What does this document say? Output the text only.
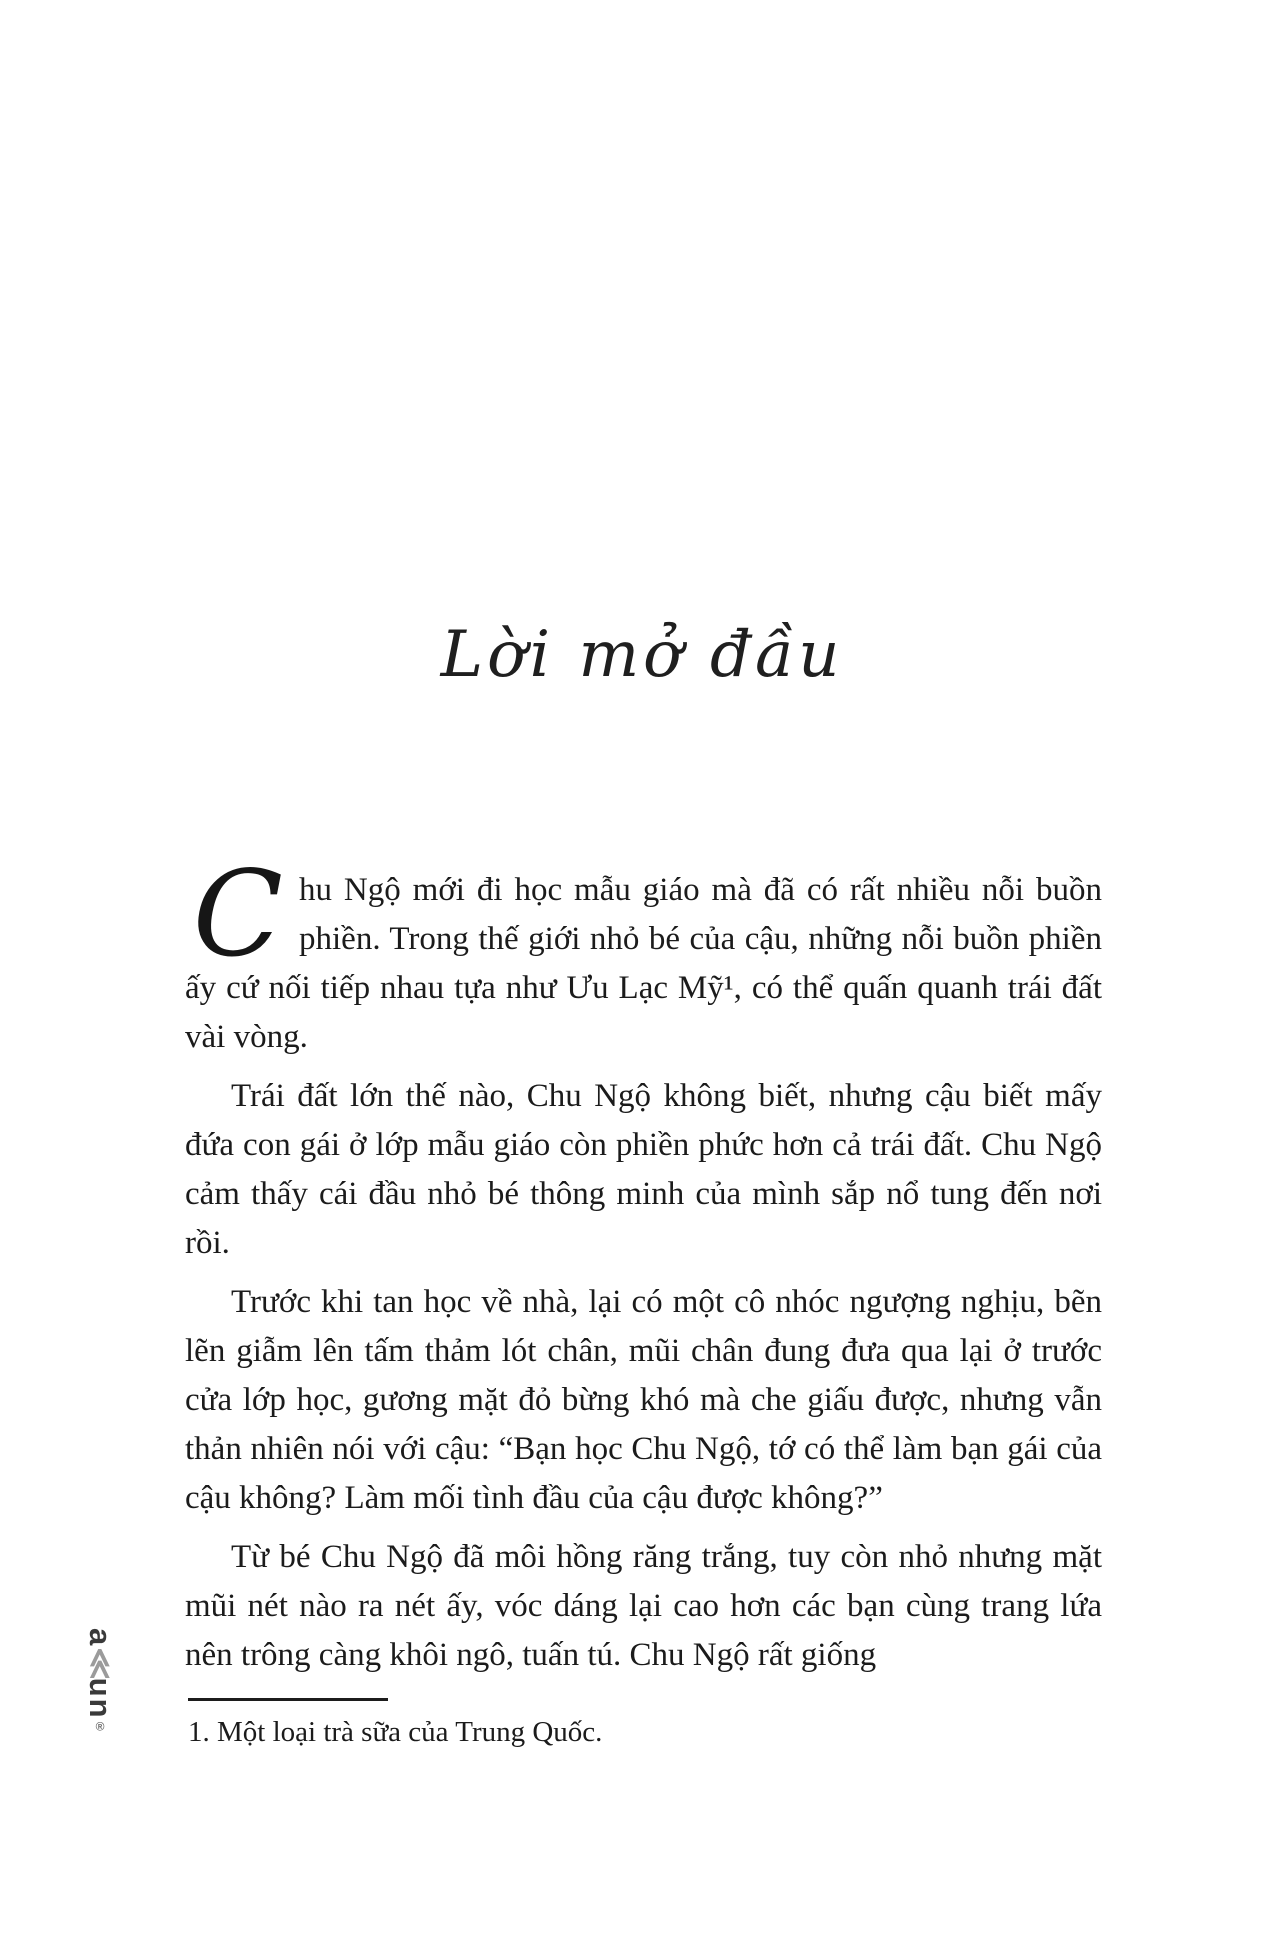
Lời mở đầu

Chu Ngộ mới đi học mẫu giáo mà đã có rất nhiều nỗi buồn phiền. Trong thế giới nhỏ bé của cậu, những nỗi buồn phiền ấy cứ nối tiếp nhau tựa như Ưu Lạc Mỹ¹, có thể quấn quanh trái đất vài vòng.

Trái đất lớn thế nào, Chu Ngộ không biết, nhưng cậu biết mấy đứa con gái ở lớp mẫu giáo còn phiền phức hơn cả trái đất. Chu Ngộ cảm thấy cái đầu nhỏ bé thông minh của mình sắp nổ tung đến nơi rồi.

Trước khi tan học về nhà, lại có một cô nhóc ngượng nghịu, bẽn lẽn giẫm lên tấm thảm lót chân, mũi chân đung đưa qua lại ở trước cửa lớp học, gương mặt đỏ bừng khó mà che giấu được, nhưng vẫn thản nhiên nói với cậu: “Bạn học Chu Ngộ, tớ có thể làm bạn gái của cậu không? Làm mối tình đầu của cậu được không?”

Từ bé Chu Ngộ đã môi hồng răng trắng, tuy còn nhỏ nhưng mặt mũi nét nào ra nét ấy, vóc dáng lại cao hơn các bạn cùng trang lứa nên trông càng khôi ngô, tuấn tú. Chu Ngộ rất giống

1. Một loại trà sữa của Trung Quốc.
a≪un®
